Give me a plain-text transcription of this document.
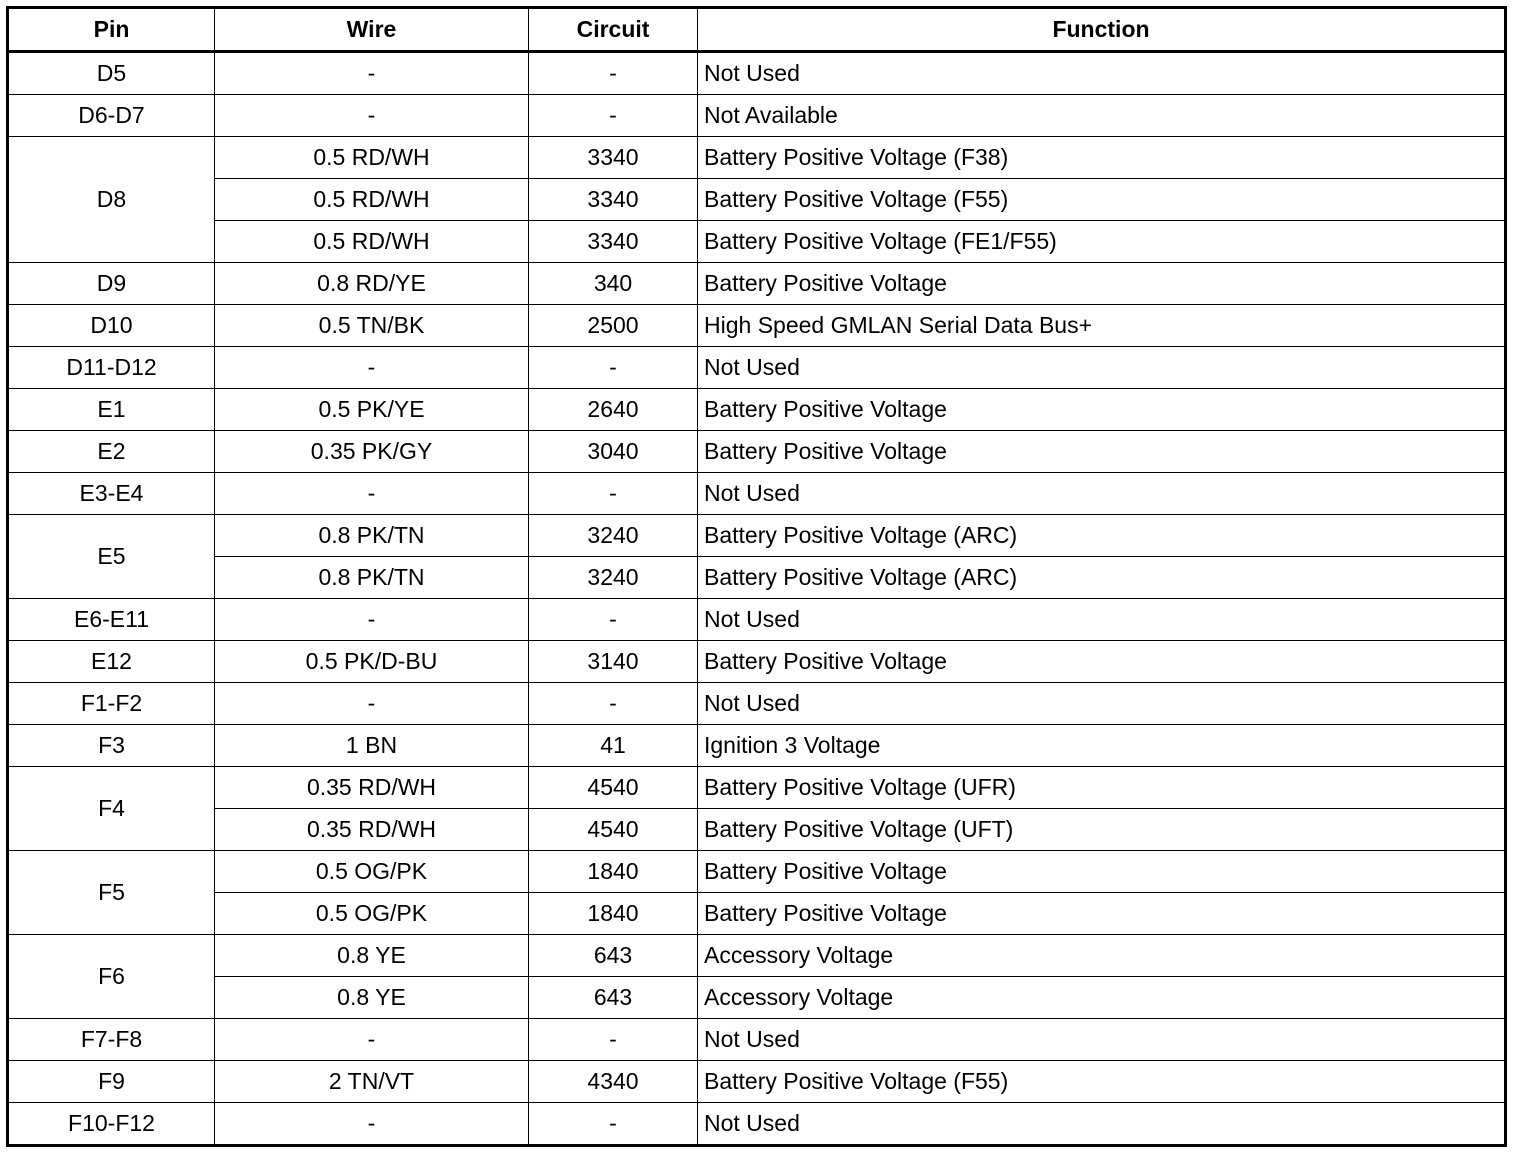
Pin	Wire	Circuit	Function
D5	-	-	Not Used
D6-D7	-	-	Not Available
D8	0.5 RD/WH	3340	Battery Positive Voltage (F38)
	0.5 RD/WH	3340	Battery Positive Voltage (F55)
	0.5 RD/WH	3340	Battery Positive Voltage (FE1/F55)
D9	0.8 RD/YE	340	Battery Positive Voltage
D10	0.5 TN/BK	2500	High Speed GMLAN Serial Data Bus+
D11-D12	-	-	Not Used
E1	0.5 PK/YE	2640	Battery Positive Voltage
E2	0.35 PK/GY	3040	Battery Positive Voltage
E3-E4	-	-	Not Used
E5	0.8 PK/TN	3240	Battery Positive Voltage (ARC)
	0.8 PK/TN	3240	Battery Positive Voltage (ARC)
E6-E11	-	-	Not Used
E12	0.5 PK/D-BU	3140	Battery Positive Voltage
F1-F2	-	-	Not Used
F3	1 BN	41	Ignition 3 Voltage
F4	0.35 RD/WH	4540	Battery Positive Voltage (UFR)
	0.35 RD/WH	4540	Battery Positive Voltage (UFT)
F5	0.5 OG/PK	1840	Battery Positive Voltage
	0.5 OG/PK	1840	Battery Positive Voltage
F6	0.8 YE	643	Accessory Voltage
	0.8 YE	643	Accessory Voltage
F7-F8	-	-	Not Used
F9	2 TN/VT	4340	Battery Positive Voltage (F55)
F10-F12	-	-	Not Used
